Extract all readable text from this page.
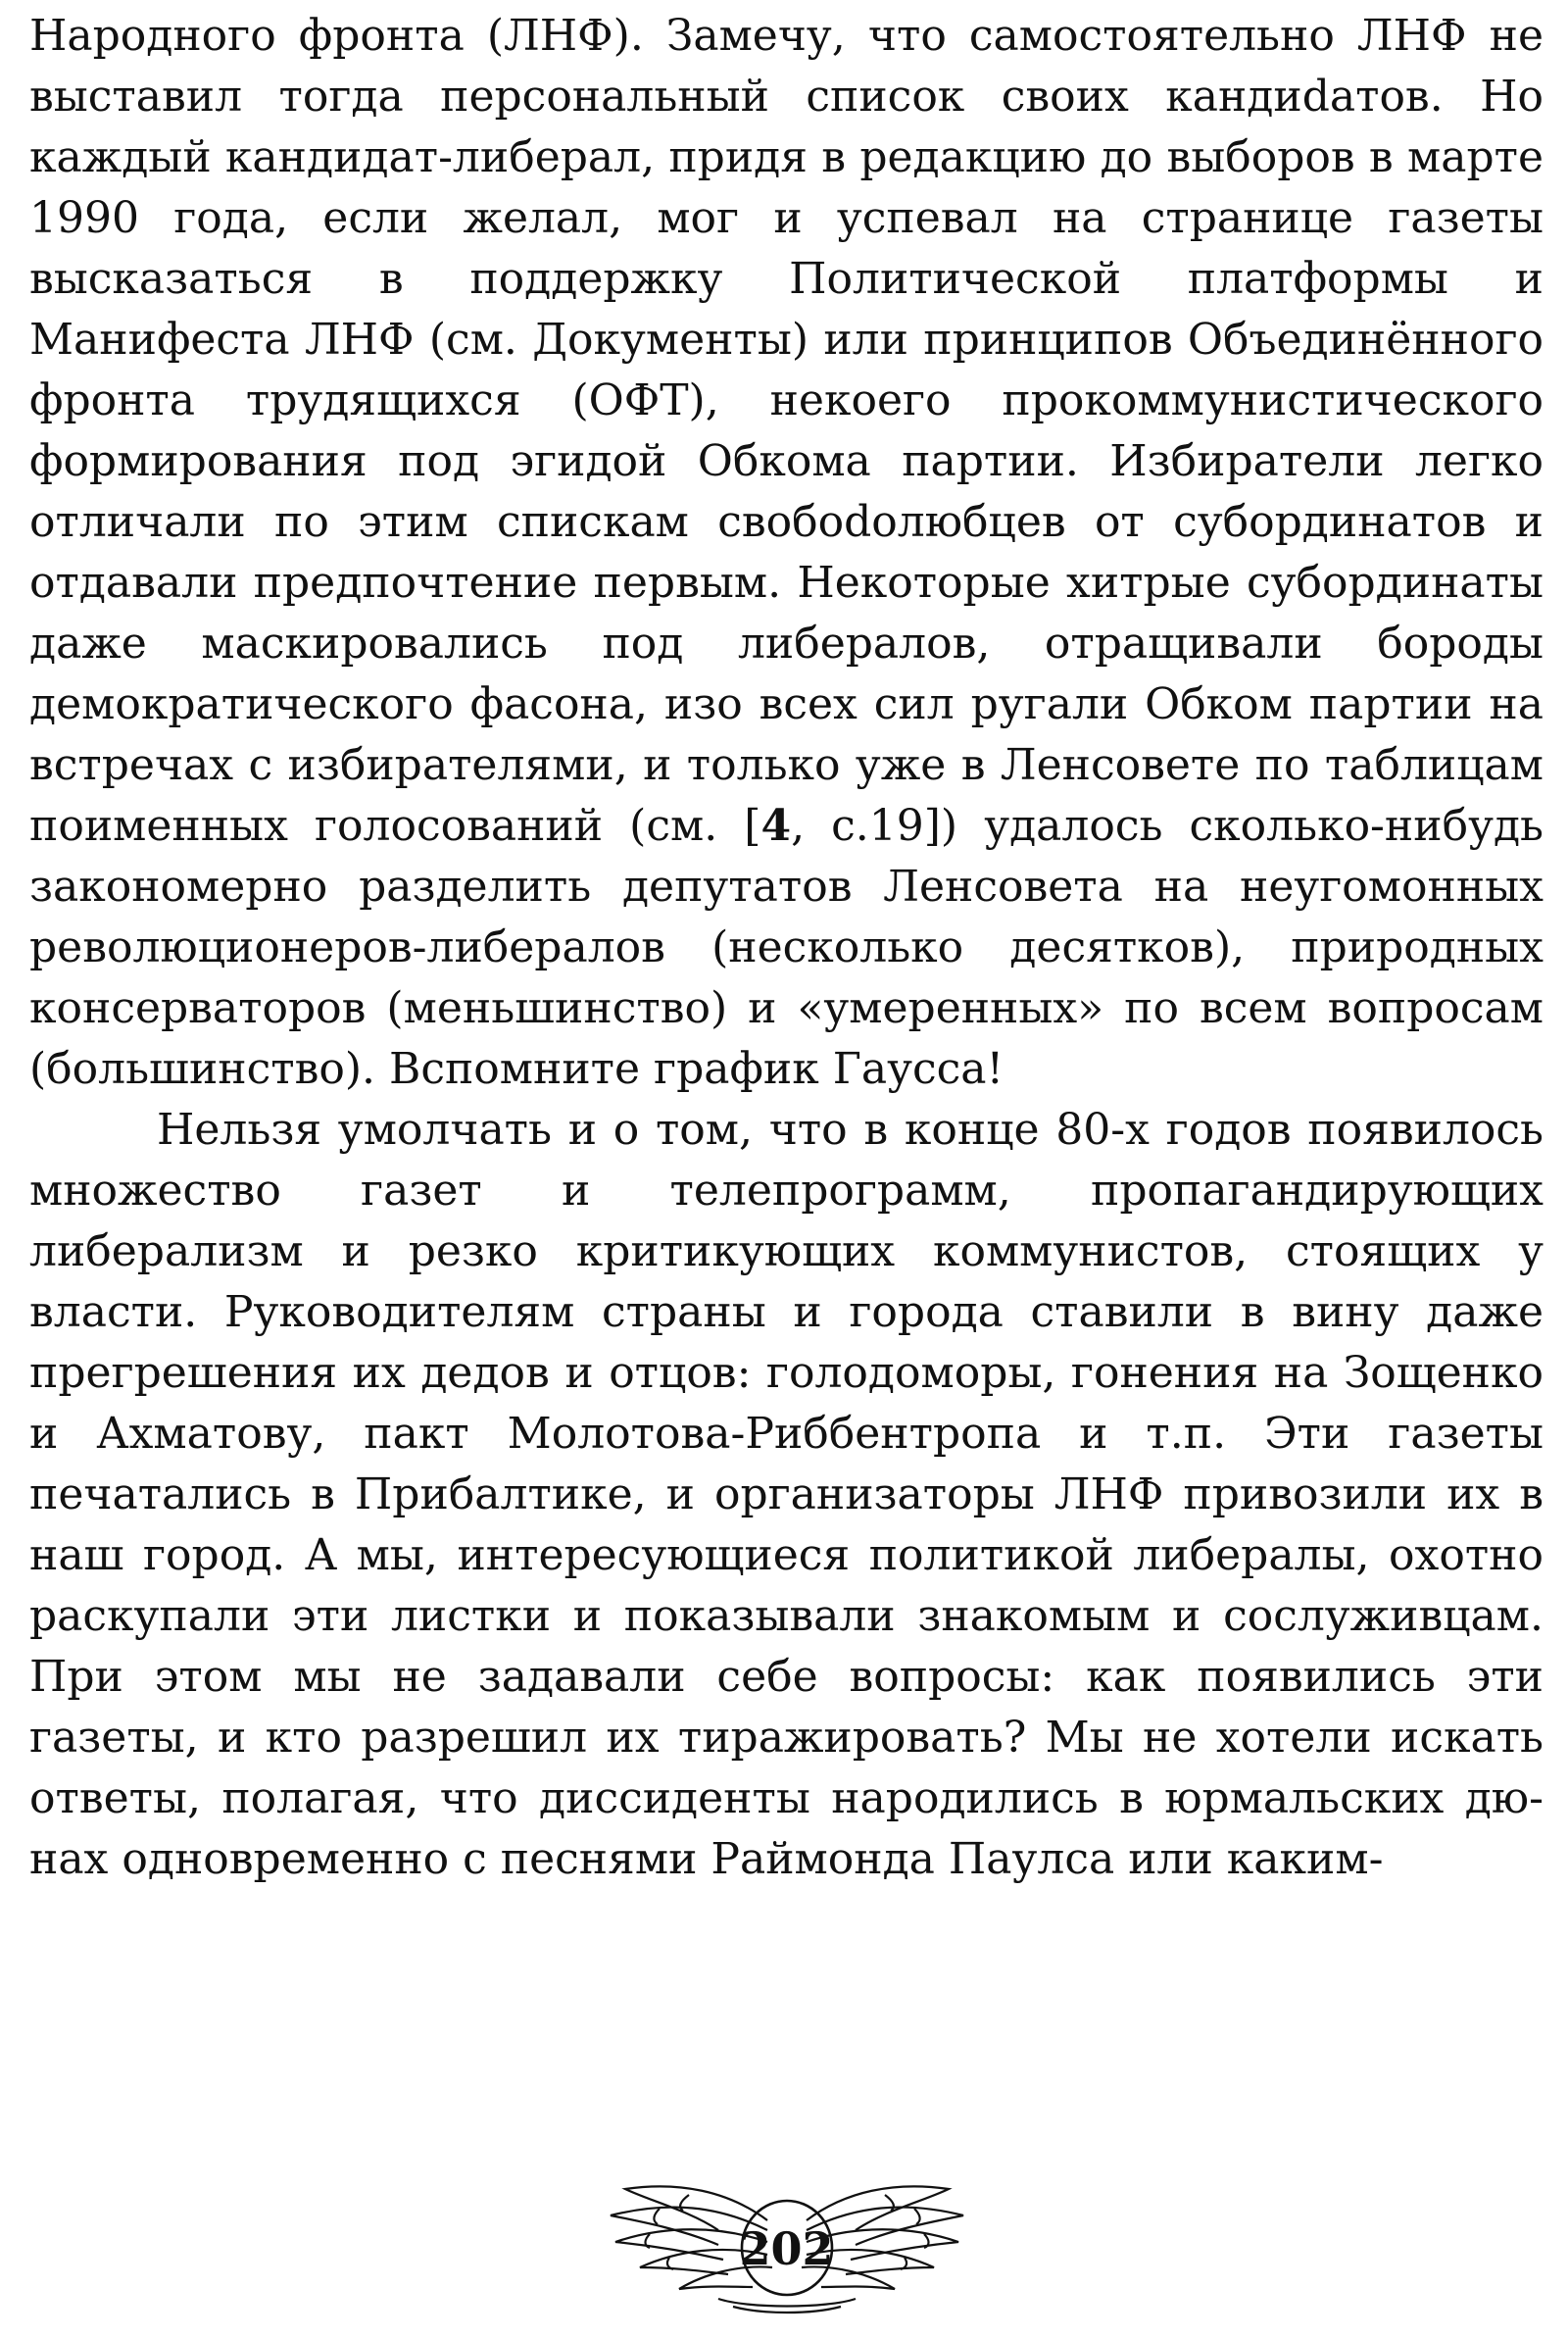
Народного фронта (ЛНФ). Замечу, что самостоятельно ЛНФ не выставил тогда персональный список своих кандиdатов. Но каждый кандидат-либерал, придя в редакцию до выборов в марте 1990 года, если желал, мог и успевал на странице газеты высказаться в поддержку Политической платформы и Манифеста ЛНФ (см. Документы) или принципов Объединённого фронта трудящихся (ОФТ), некоего прокоммунистического формирования под эгидой Обкома партии. Избиратели легко отличали по этим спискам свобоdолюбцев от субординатов и отдавали предпочтение первым. Некоторые хитрые субординаты даже маскировались под либералов, отращивали бороды демократического фасона, изо всех сил ругали Обком партии на встречах с избирателями, и только уже в Ленсовете по таблицам поименных голосований (см. [4, с.19]) удалось сколько-нибудь закономерно разделить депутатов Ленсовета на неугомонных революционеров-либералов (несколько десятков), природных консерваторов (меньшинство) и «умеренных» по всем вопросам (большинство). Вспомните график Гаусса!

Нельзя умолчать и о том, что в конце 80-х годов появилось множество газет и телепрограмм, пропагандирующих либерализм и резко критикующих коммунистов, стоящих у власти. Руководителям страны и города ставили в вину даже прегрешения их дедов и отцов: голодоморы, гонения на Зощенко и Ахматову, пакт Молотова-Риббентропа и т.п. Эти газеты печатались в Прибалтике, и организаторы ЛНФ привозили их в наш город. А мы, интересующиеся политикой либералы, охотно раскупали эти листки и показывали знакомым и сослуживцам. При этом мы не задавали себе вопросы: как появились эти газеты, и кто разрешил их тиражировать? Мы не хотели искать ответы, полагая, что диссиденты народились в юрмальских дюнах одновременно с песнями Раймонда Паулса или каким-

202
